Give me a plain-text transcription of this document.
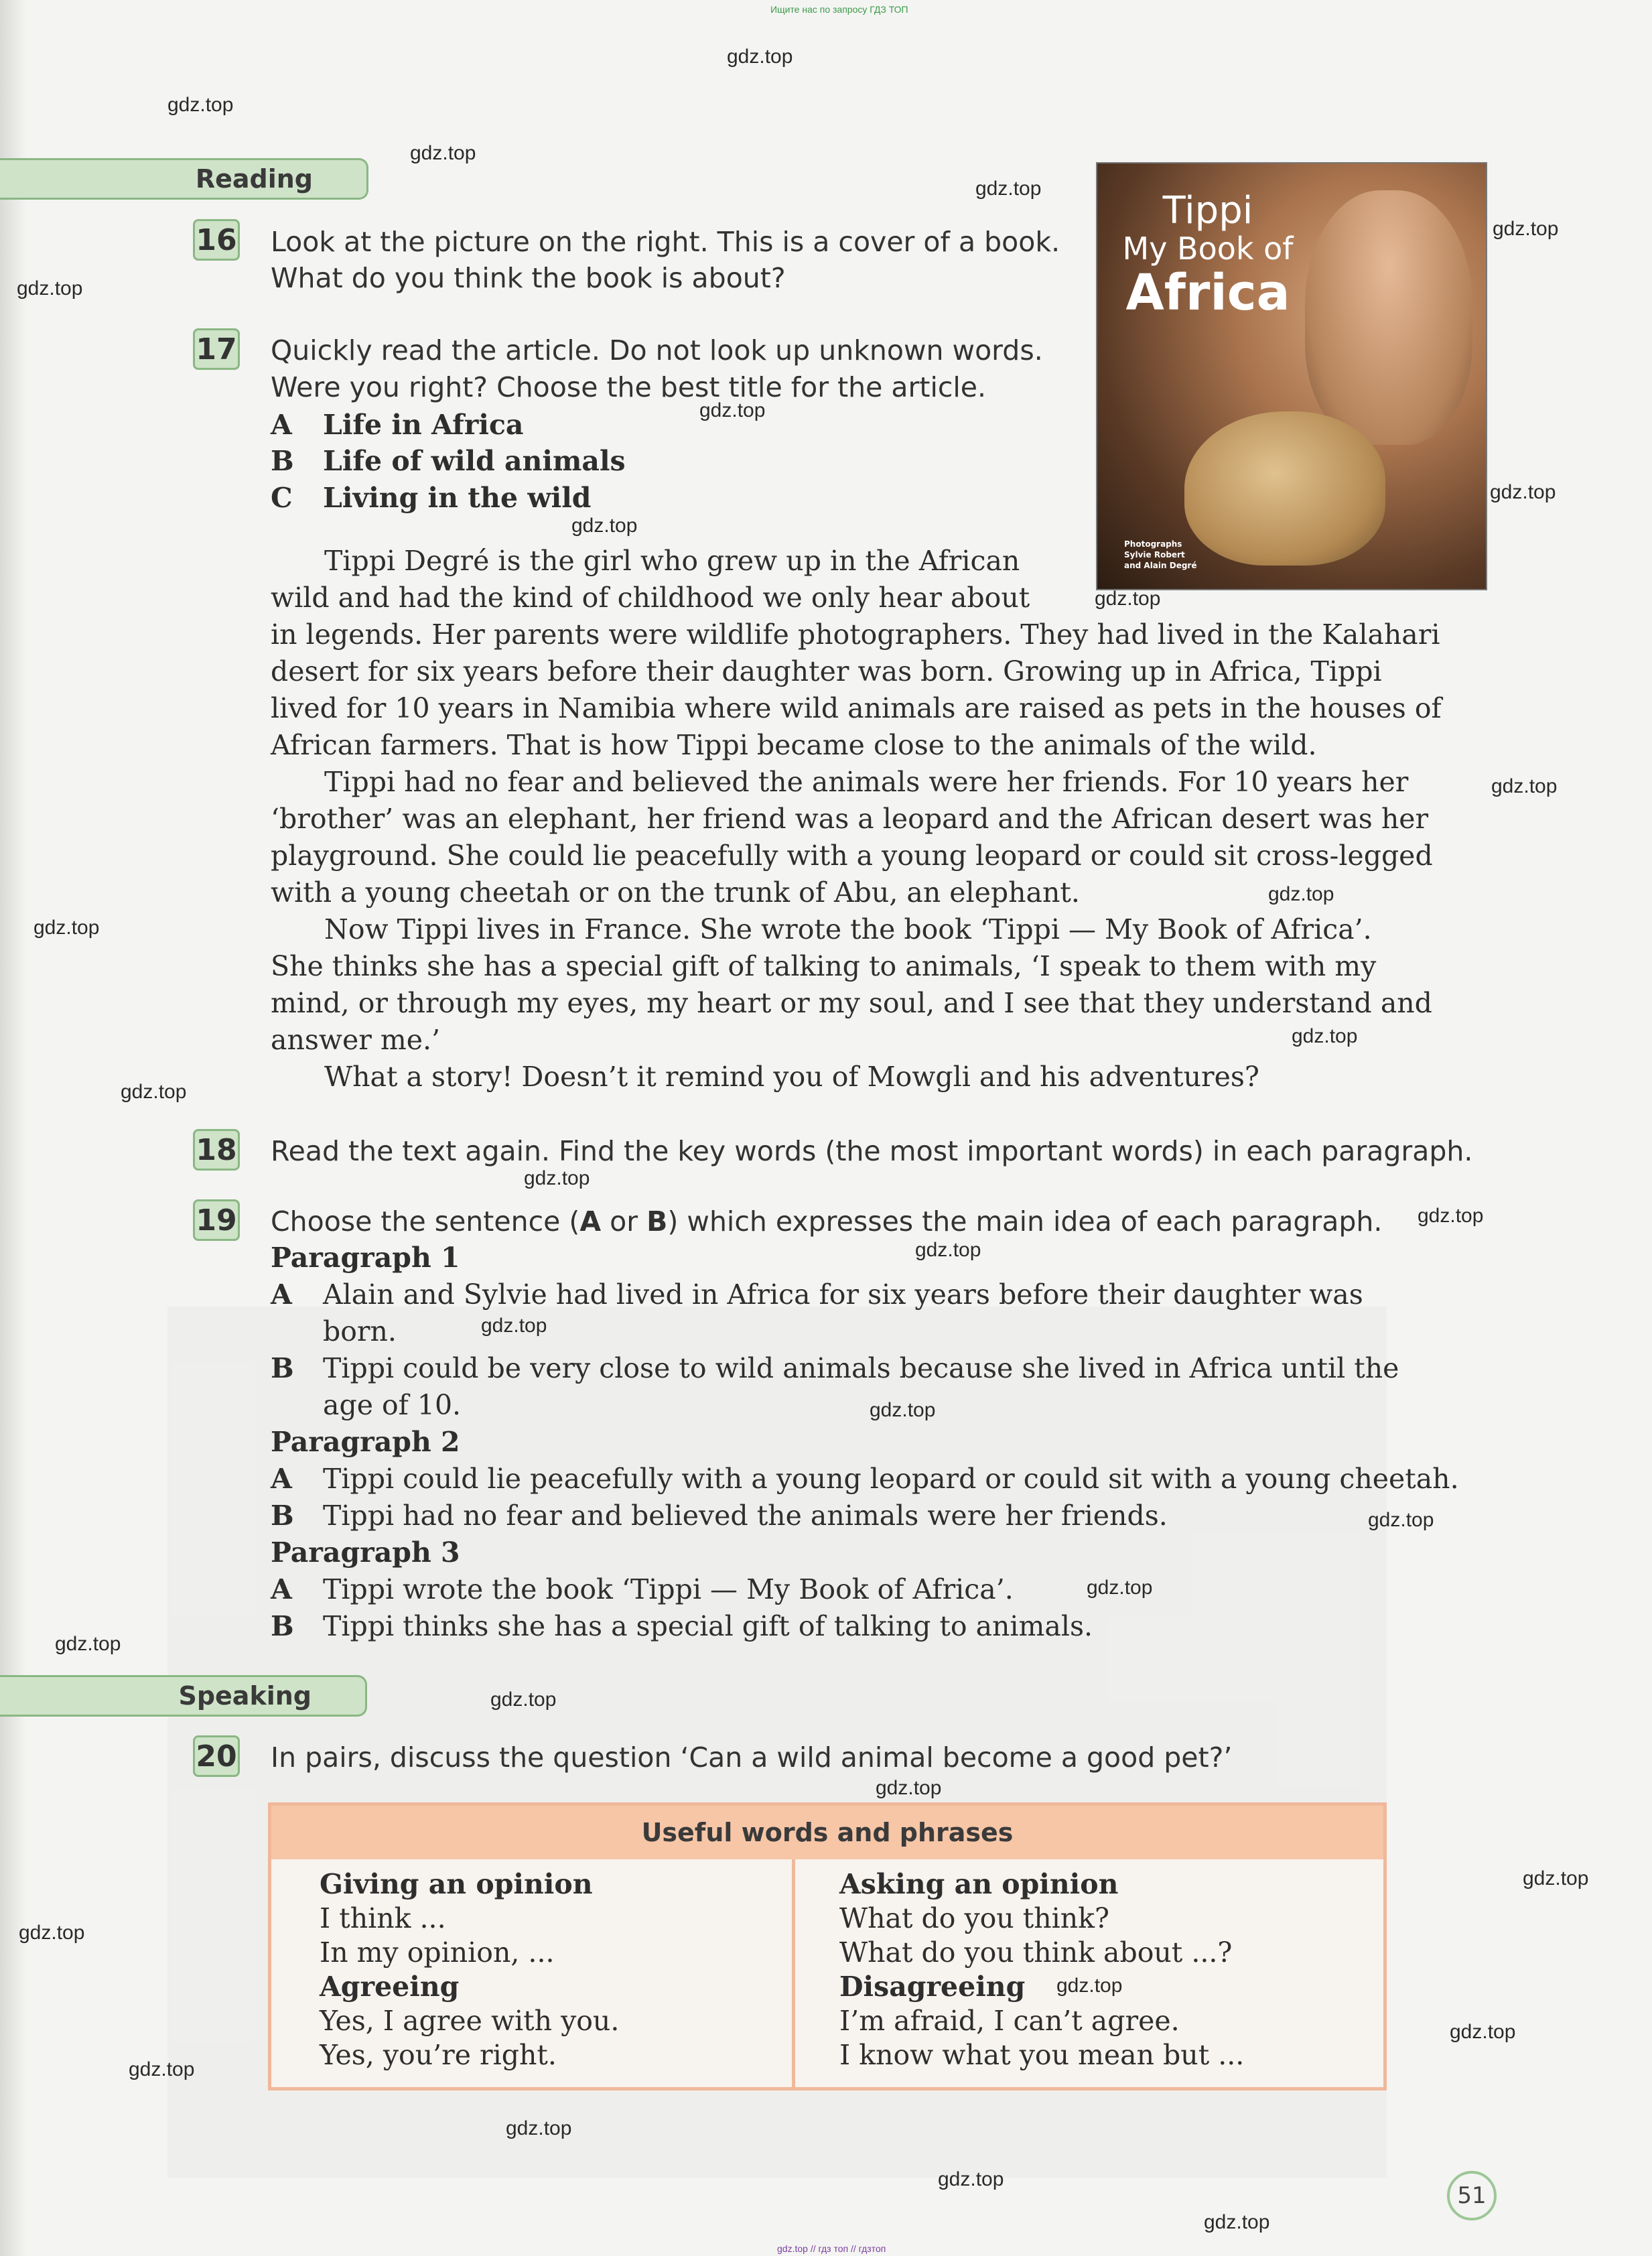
Ищите нас по запросу ГДЗ ТОП
gdz.top // гдз топ // гдзтоп
Reading
16 Look at the picture on the right. This is a cover of a book.

What do you think the book is about?

17 Quickly read the article. Do not look up unknown words.

Were you right? Choose the best title for the article.

A Life in Africa

B Life of wild animals

C Living in the wild

Tippi
My Book of
Africa
Photographs
Sylvie Robert
and Alain Degré

Tippi Degré is the girl who grew up in the African

wild and had the kind of childhood we only hear about

in legends. Her parents were wildlife photographers. They had lived in the Kalahari

desert for six years before their daughter was born. Growing up in Africa, Tippi

lived for 10 years in Namibia where wild animals are raised as pets in the houses of

African farmers. That is how Tippi became close to the animals of the wild.

Tippi had no fear and believed the animals were her friends. For 10 years her

‘brother’ was an elephant, her friend was a leopard and the African desert was her

playground. She could lie peacefully with a young leopard or could sit cross-legged

with a young cheetah or on the trunk of Abu, an elephant.

Now Tippi lives in France. She wrote the book ‘Tippi — My Book of Africa’.

She thinks she has a special gift of talking to animals, ‘I speak to them with my

mind, or through my eyes, my heart or my soul, and I see that they understand and

answer me.’

What a story! Doesn’t it remind you of Mowgli and his adventures?

18 Read the text again. Find the key words (the most important words) in each paragraph.

19 Choose the sentence (A or B) which expresses the main idea of each paragraph.

Paragraph 1

A Alain and Sylvie had lived in Africa for six years before their daughter was

born.

B Tippi could be very close to wild animals because she lived in Africa until the

age of 10.

Paragraph 2

A Tippi could lie peacefully with a young leopard or could sit with a young cheetah.

B Tippi had no fear and believed the animals were her friends.

Paragraph 3

A Tippi wrote the book ‘Tippi — My Book of Africa’.

B Tippi thinks she has a special gift of talking to animals.

Speaking
20 In pairs, discuss the question ‘Can a wild animal become a good pet?’

Useful words and phrases
Giving an opinion
I think ...
In my opinion, ...
Agreeing
Yes, I agree with you.
Yes, you’re right.
Asking an opinion
What do you think?
What do you think about ...?
Disagreeing
I’m afraid, I can’t agree.
I know what you mean but ...
51
gdz.top
gdz.top
gdz.top
gdz.top
gdz.top
gdz.top
gdz.top
gdz.top
gdz.top
gdz.top
gdz.top
gdz.top
gdz.top
gdz.top
gdz.top
gdz.top
gdz.top
gdz.top
gdz.top
gdz.top
gdz.top
gdz.top
gdz.top
gdz.top
gdz.top
gdz.top
gdz.top
gdz.top
gdz.top
gdz.top
gdz.top
gdz.top
gdz.top
